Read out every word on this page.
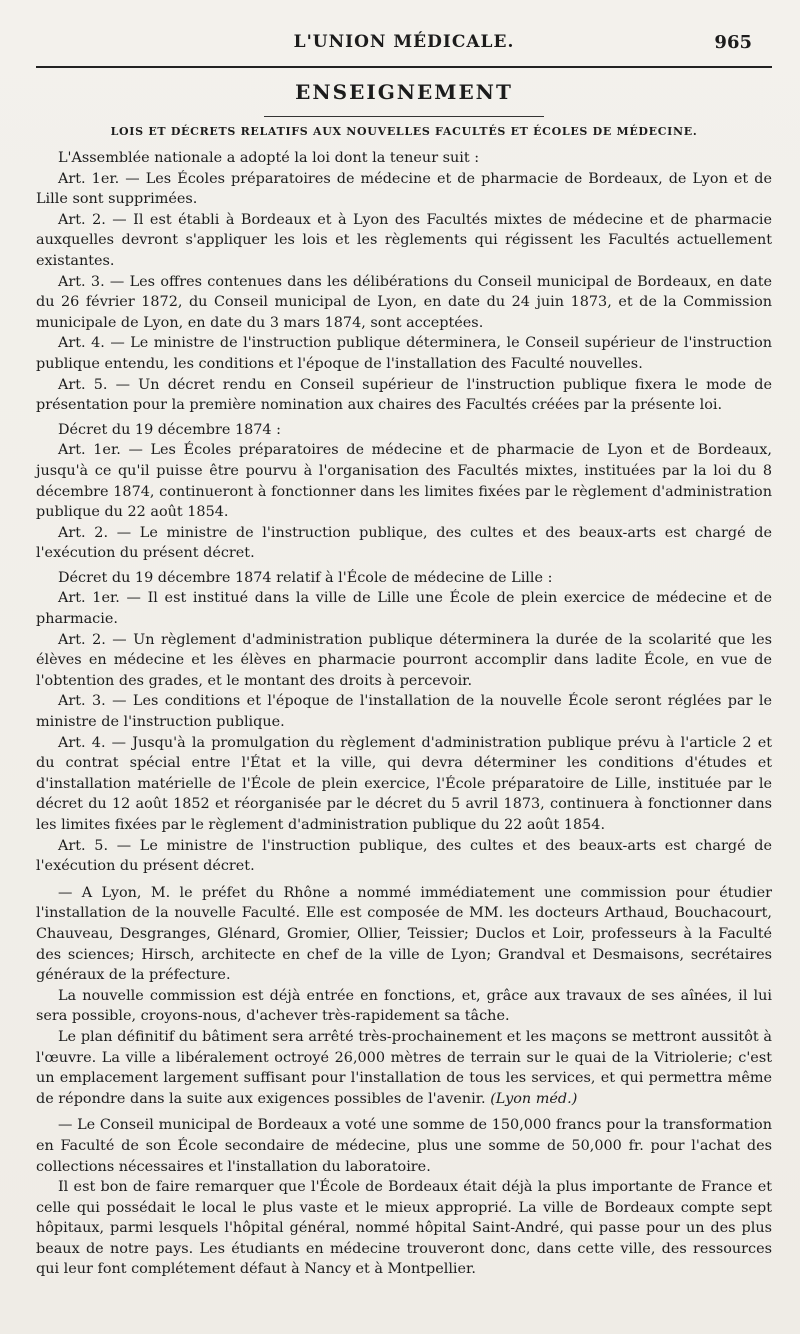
L'UNION MÉDICALE.	965
ENSEIGNEMENT
LOIS ET DÉCRETS RELATIFS AUX NOUVELLES FACULTÉS ET ÉCOLES DE MÉDECINE.

L'Assemblée nationale a adopté la loi dont la teneur suit :

Art. 1er. — Les Écoles préparatoires de médecine et de pharmacie de Bordeaux, de Lyon et de Lille sont supprimées.

Art. 2. — Il est établi à Bordeaux et à Lyon des Facultés mixtes de médecine et de pharmacie auxquelles devront s'appliquer les lois et les règlements qui régissent les Facultés actuellement existantes.

Art. 3. — Les offres contenues dans les délibérations du Conseil municipal de Bordeaux, en date du 26 février 1872, du Conseil municipal de Lyon, en date du 24 juin 1873, et de la Commission municipale de Lyon, en date du 3 mars 1874, sont acceptées.

Art. 4. — Le ministre de l'instruction publique déterminera, le Conseil supérieur de l'instruction publique entendu, les conditions et l'époque de l'installation des Faculté nouvelles.

Art. 5. — Un décret rendu en Conseil supérieur de l'instruction publique fixera le mode de présentation pour la première nomination aux chaires des Facultés créées par la présente loi.

Décret du 19 décembre 1874 :

Art. 1er. — Les Écoles préparatoires de médecine et de pharmacie de Lyon et de Bordeaux, jusqu'à ce qu'il puisse être pourvu à l'organisation des Facultés mixtes, instituées par la loi du 8 décembre 1874, continueront à fonctionner dans les limites fixées par le règlement d'administration publique du 22 août 1854.

Art. 2. — Le ministre de l'instruction publique, des cultes et des beaux-arts est chargé de l'exécution du présent décret.

Décret du 19 décembre 1874 relatif à l'École de médecine de Lille :

Art. 1er. — Il est institué dans la ville de Lille une École de plein exercice de médecine et de pharmacie.

Art. 2. — Un règlement d'administration publique déterminera la durée de la scolarité que les élèves en médecine et les élèves en pharmacie pourront accomplir dans ladite École, en vue de l'obtention des grades, et le montant des droits à percevoir.

Art. 3. — Les conditions et l'époque de l'installation de la nouvelle École seront réglées par le ministre de l'instruction publique.

Art. 4. — Jusqu'à la promulgation du règlement d'administration publique prévu à l'article 2 et du contrat spécial entre l'État et la ville, qui devra déterminer les conditions d'études et d'installation matérielle de l'École de plein exercice, l'École préparatoire de Lille, instituée par le décret du 12 août 1852 et réorganisée par le décret du 5 avril 1873, continuera à fonctionner dans les limites fixées par le règlement d'administration publique du 22 août 1854.

Art. 5. — Le ministre de l'instruction publique, des cultes et des beaux-arts est chargé de l'exécution du présent décret.

— A Lyon, M. le préfet du Rhône a nommé immédiatement une commission pour étudier l'installation de la nouvelle Faculté. Elle est composée de MM. les docteurs Arthaud, Bouchacourt, Chauveau, Desgranges, Glénard, Gromier, Ollier, Teissier; Duclos et Loir, professeurs à la Faculté des sciences; Hirsch, architecte en chef de la ville de Lyon; Grandval et Desmaisons, secrétaires généraux de la préfecture.

La nouvelle commission est déjà entrée en fonctions, et, grâce aux travaux de ses aînées, il lui sera possible, croyons-nous, d'achever très-rapidement sa tâche.

Le plan définitif du bâtiment sera arrêté très-prochainement et les maçons se mettront aussitôt à l'œuvre. La ville a libéralement octroyé 26,000 mètres de terrain sur le quai de la Vitriolerie; c'est un emplacement largement suffisant pour l'installation de tous les services, et qui permettra même de répondre dans la suite aux exigences possibles de l'avenir. (Lyon méd.)

— Le Conseil municipal de Bordeaux a voté une somme de 150,000 francs pour la transformation en Faculté de son École secondaire de médecine, plus une somme de 50,000 fr. pour l'achat des collections nécessaires et l'installation du laboratoire.

Il est bon de faire remarquer que l'École de Bordeaux était déjà la plus importante de France et celle qui possédait le local le plus vaste et le mieux approprié. La ville de Bordeaux compte sept hôpitaux, parmi lesquels l'hôpital général, nommé hôpital Saint-André, qui passe pour un des plus beaux de notre pays. Les étudiants en médecine trouveront donc, dans cette ville, des ressources qui leur font complétement défaut à Nancy et à Montpellier.
